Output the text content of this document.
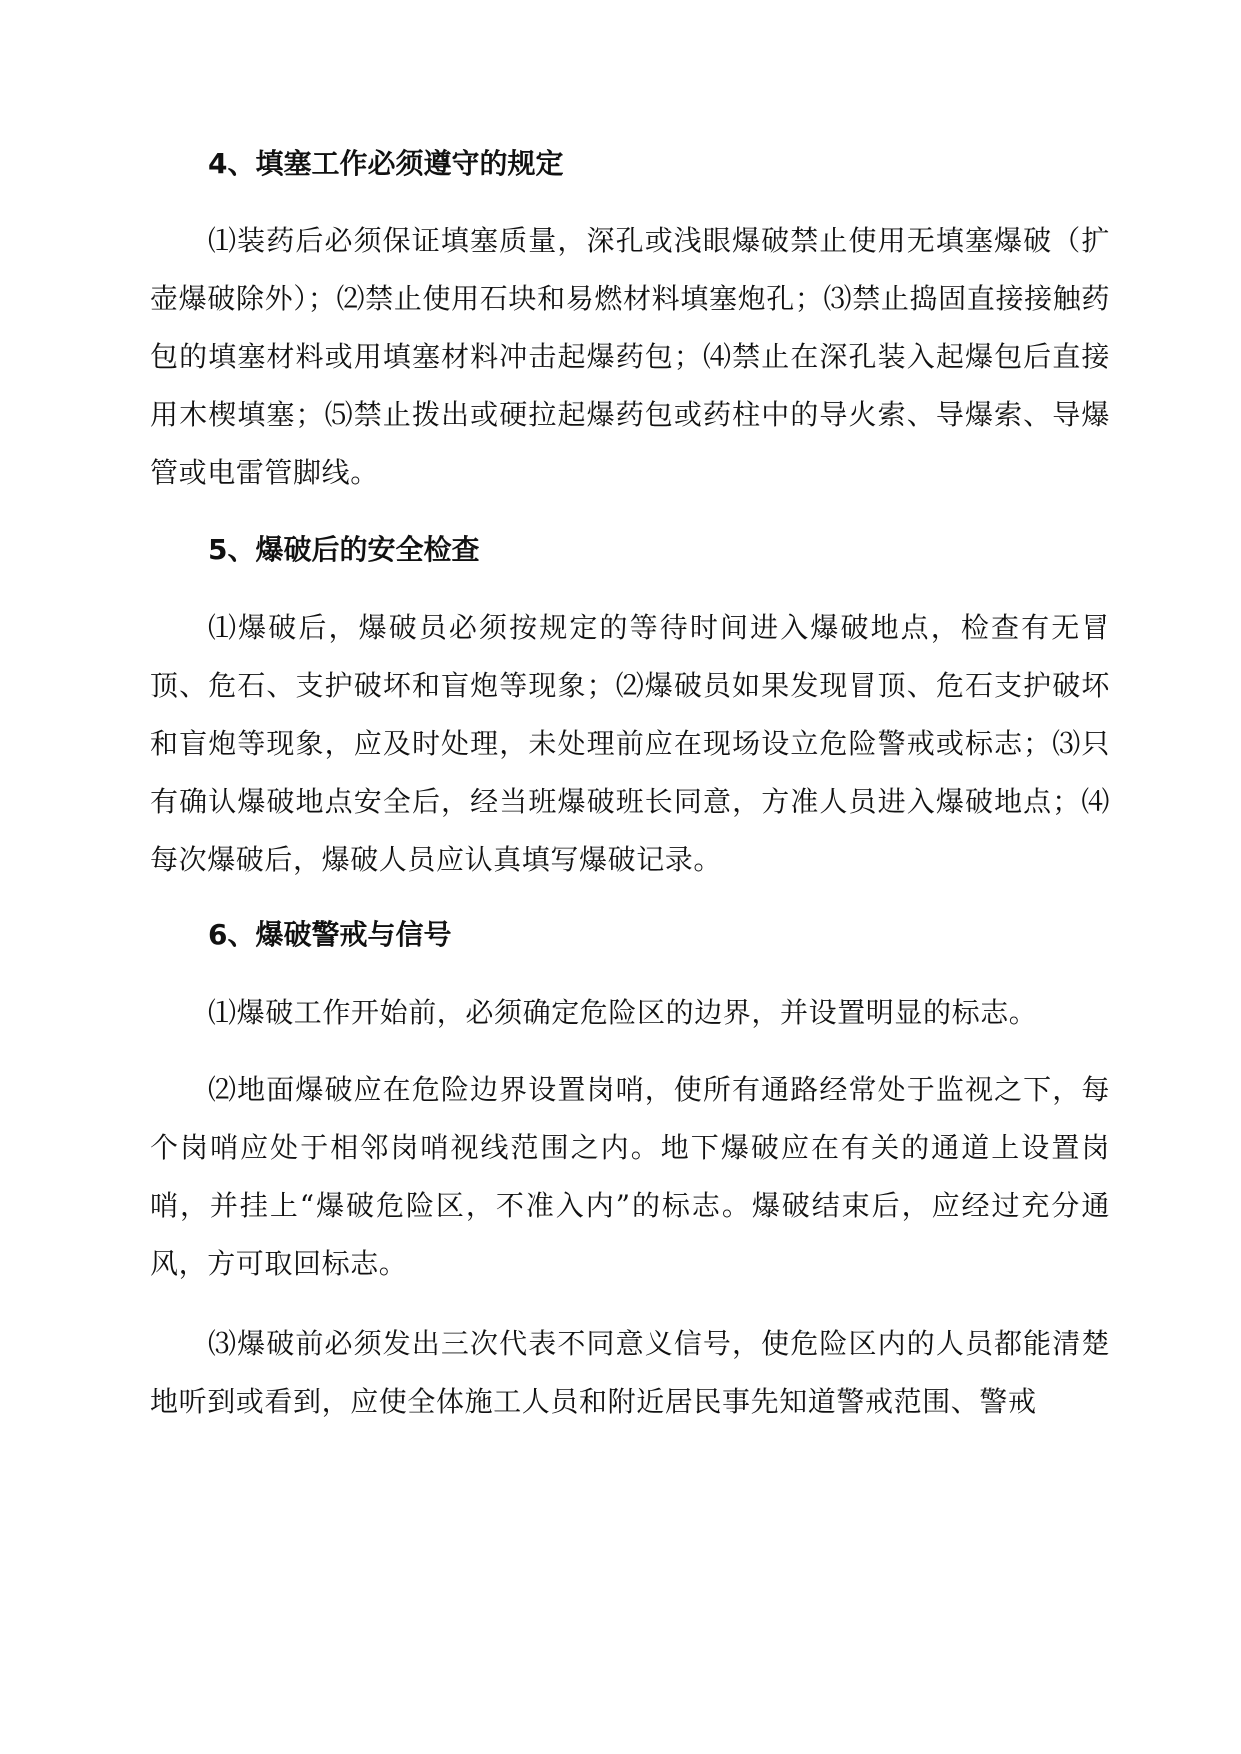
4、填塞工作必须遵守的规定

⑴装药后必须保证填塞质量，深孔或浅眼爆破禁止使用无填塞爆破（扩壶爆破除外）；⑵禁止使用石块和易燃材料填塞炮孔；⑶禁止捣固直接接触药包的填塞材料或用填塞材料冲击起爆药包；⑷禁止在深孔装入起爆包后直接用木楔填塞；⑸禁止拨出或硬拉起爆药包或药柱中的导火索、导爆索、导爆管或电雷管脚线。

5、爆破后的安全检查

⑴爆破后，爆破员必须按规定的等待时间进入爆破地点，检查有无冒顶、危石、支护破坏和盲炮等现象；⑵爆破员如果发现冒顶、危石支护破坏和盲炮等现象，应及时处理，未处理前应在现场设立危险警戒或标志；⑶只有确认爆破地点安全后，经当班爆破班长同意，方准人员进入爆破地点；⑷每次爆破后，爆破人员应认真填写爆破记录。

6、爆破警戒与信号

⑴爆破工作开始前，必须确定危险区的边界，并设置明显的标志。

⑵地面爆破应在危险边界设置岗哨，使所有通路经常处于监视之下，每个岗哨应处于相邻岗哨视线范围之内。地下爆破应在有关的通道上设置岗哨，并挂上“爆破危险区，不准入内”的标志。爆破结束后，应经过充分通风，方可取回标志。

⑶爆破前必须发出三次代表不同意义信号，使危险区内的人员都能清楚地听到或看到，应使全体施工人员和附近居民事先知道警戒范围、警戒
